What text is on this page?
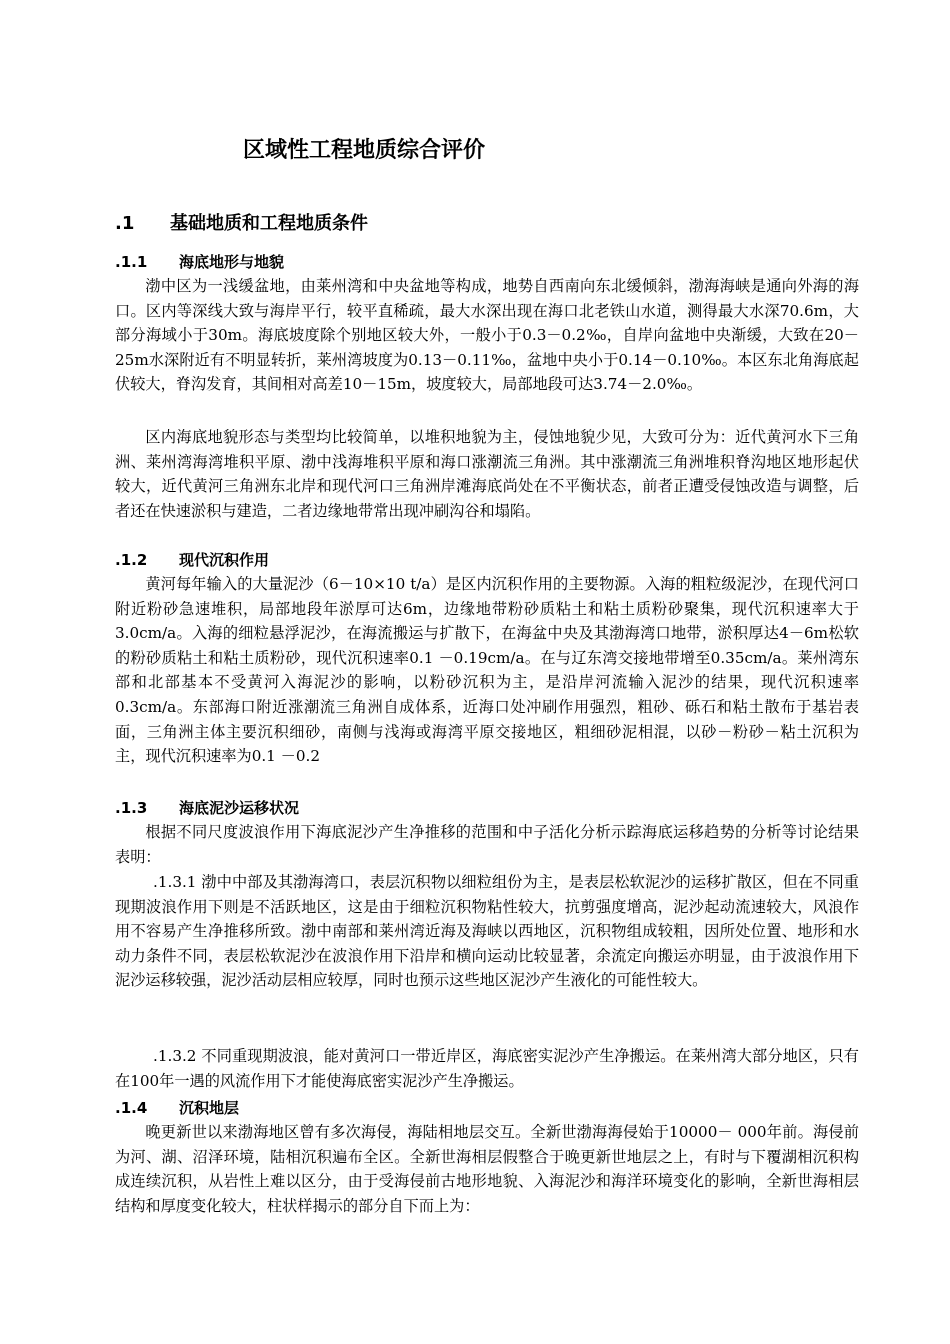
区域性工程地质综合评价
.1 基础地质和工程地质条件
.1.1 海底地形与地貌

渤中区为一浅缓盆地，由莱州湾和中央盆地等构成，地势自西南向东北缓倾斜，渤海海峡是通向外海的海口。区内等深线大致与海岸平行，较平直稀疏，最大水深出现在海口北老铁山水道，测得最大水深70.6m，大部分海域小于30m。海底坡度除个别地区较大外，一般小于0.3－0.2‰，自岸向盆地中央渐缓，大致在20－25m水深附近有不明显转折，莱州湾坡度为0.13－0.11‰，盆地中央小于0.14－0.10‰。本区东北角海底起伏较大，脊沟发育，其间相对高差10－15m，坡度较大，局部地段可达3.74－2.0‰。

区内海底地貌形态与类型均比较简单，以堆积地貌为主，侵蚀地貌少见，大致可分为：近代黄河水下三角洲、莱州湾海湾堆积平原、渤中浅海堆积平原和海口涨潮流三角洲。其中涨潮流三角洲堆积脊沟地区地形起伏较大，近代黄河三角洲东北岸和现代河口三角洲岸滩海底尚处在不平衡状态，前者正遭受侵蚀改造与调整，后者还在快速淤积与建造，二者边缘地带常出现冲刷沟谷和塌陷。

.1.2 现代沉积作用

黄河每年输入的大量泥沙（6－10×10 t/a）是区内沉积作用的主要物源。入海的粗粒级泥沙，在现代河口附近粉砂急速堆积，局部地段年淤厚可达6m，边缘地带粉砂质粘土和粘土质粉砂聚集，现代沉积速率大于3.0cm/a。入海的细粒悬浮泥沙，在海流搬运与扩散下，在海盆中央及其渤海湾口地带，淤积厚达4－6m松软的粉砂质粘土和粘土质粉砂，现代沉积速率0.1 －0.19cm/a。在与辽东湾交接地带增至0.35cm/a。莱州湾东部和北部基本不受黄河入海泥沙的影响，以粉砂沉积为主，是沿岸河流输入泥沙的结果，现代沉积速率0.3cm/a。东部海口附近涨潮流三角洲自成体系，近海口处冲刷作用强烈，粗砂、砾石和粘土散布于基岩表面，三角洲主体主要沉积细砂，南侧与浅海或海湾平原交接地区，粗细砂泥相混，以砂－粉砂－粘土沉积为主，现代沉积速率为0.1 －0.2

.1.3 海底泥沙运移状况

根据不同尺度波浪作用下海底泥沙产生净推移的范围和中子活化分析示踪海底运移趋势的分析等讨论结果表明：

.1.3.1 渤中中部及其渤海湾口，表层沉积物以细粒组份为主，是表层松软泥沙的运移扩散区，但在不同重现期波浪作用下则是不活跃地区，这是由于细粒沉积物粘性较大，抗剪强度增高，泥沙起动流速较大，风浪作用不容易产生净推移所致。渤中南部和莱州湾近海及海峡以西地区，沉积物组成较粗，因所处位置、地形和水动力条件不同，表层松软泥沙在波浪作用下沿岸和横向运动比较显著，余流定向搬运亦明显，由于波浪作用下泥沙运移较强，泥沙活动层相应较厚，同时也预示这些地区泥沙产生液化的可能性较大。

.1.3.2 不同重现期波浪，能对黄河口一带近岸区，海底密实泥沙产生净搬运。在莱州湾大部分地区，只有在100年一遇的风流作用下才能使海底密实泥沙产生净搬运。

.1.4 沉积地层

晚更新世以来渤海地区曾有多次海侵，海陆相地层交互。全新世渤海海侵始于10000－ 000年前。海侵前为河、湖、沼泽环境，陆相沉积遍布全区。全新世海相层假整合于晚更新世地层之上，有时与下覆湖相沉积构成连续沉积，从岩性上难以区分，由于受海侵前古地形地貌、入海泥沙和海洋环境变化的影响，全新世海相层结构和厚度变化较大，柱状样揭示的部分自下而上为：
